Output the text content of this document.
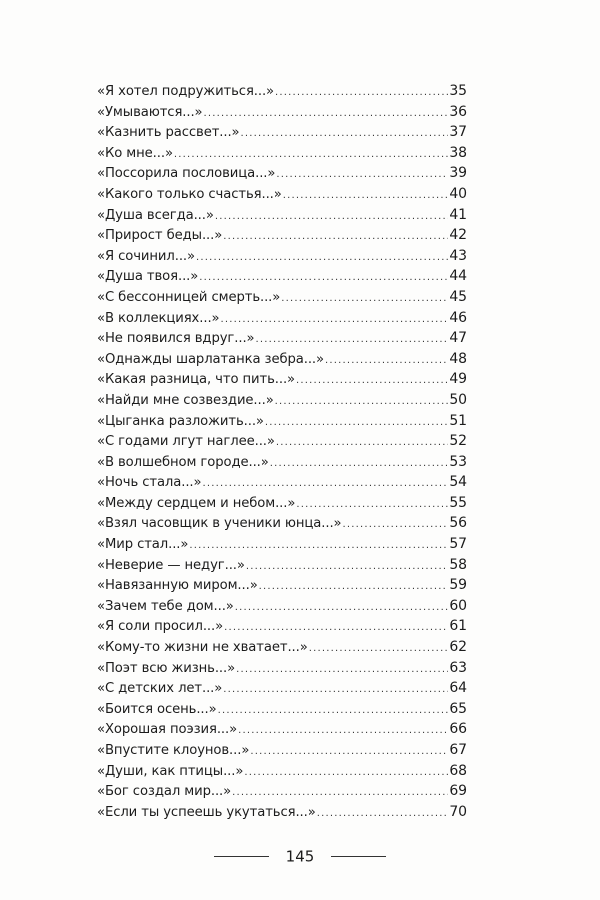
«Я хотел подружиться...» .....	35
«Умываются...» .....	36
«Казнить рассвет...» .....	37
«Ко мне...» .....	38
«Поссорила пословица...» .....	39
«Какого только счастья...» .....	40
«Душа всегда...» .....	41
«Прирост беды...» .....	42
«Я сочинил...» .....	43
«Душа твоя...» .....	44
«С бессонницей смерть...» .....	45
«В коллекциях...» .....	46
«Не появился вдруг...» .....	47
«Однажды шарлатанка зебра...» .....	48
«Какая разница, что пить...» .....	49
«Найди мне созвездие...» .....	50
«Цыганка разложить...» .....	51
«С годами лгут наглее...» .....	52
«В волшебном городе...» .....	53
«Ночь стала...» .....	54
«Между сердцем и небом...» .....	55
«Взял часовщик в ученики юнца...» .....	56
«Мир стал...» .....	57
«Неверие — недуг...» .....	58
«Навязанную миром...» .....	59
«Зачем тебе дом...» .....	60
«Я соли просил...» .....	61
«Кому-то жизни не хватает...» .....	62
«Поэт всю жизнь...» .....	63
«С детских лет...» .....	64
«Боится осень...» .....	65
«Хорошая поэзия...» .....	66
«Впустите клоунов...» .....	67
«Души, как птицы...» .....	68
«Бог создал мир...» .....	69
«Если ты успеешь укутаться...» .....	70
145
